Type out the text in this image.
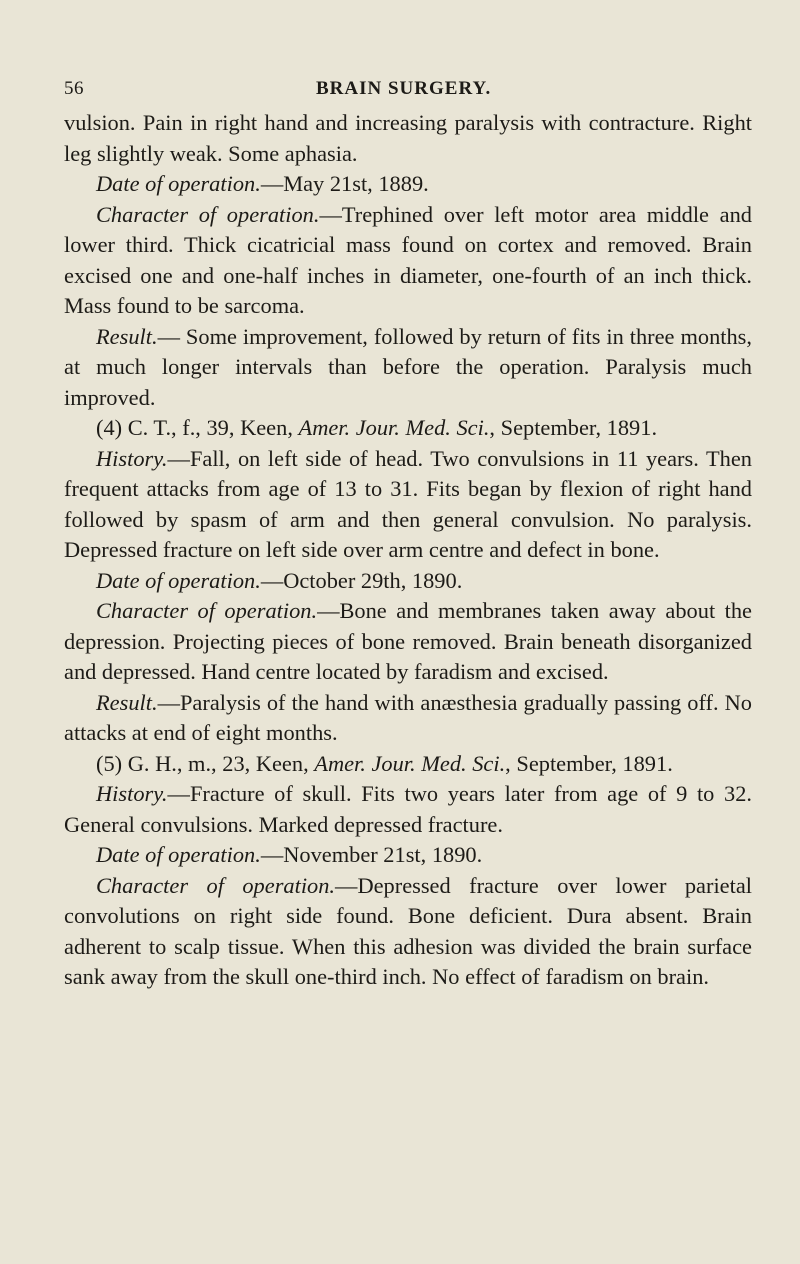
56	BRAIN SURGERY.

vulsion. Pain in right hand and increasing paralysis with contracture. Right leg slightly weak. Some aphasia.

Date of operation.—May 21st, 1889.

Character of operation.—Trephined over left motor area middle and lower third. Thick cicatricial mass found on cortex and removed. Brain excised one and one-half inches in diameter, one-fourth of an inch thick. Mass found to be sarcoma.

Result.— Some improvement, followed by return of fits in three months, at much longer intervals than before the operation. Paralysis much improved.

(4) C. T., f., 39, Keen, Amer. Jour. Med. Sci., September, 1891.

History.—Fall, on left side of head. Two convulsions in 11 years. Then frequent attacks from age of 13 to 31. Fits began by flexion of right hand followed by spasm of arm and then general convulsion. No paralysis. Depressed fracture on left side over arm centre and defect in bone.

Date of operation.—October 29th, 1890.

Character of operation.—Bone and membranes taken away about the depression. Projecting pieces of bone removed. Brain beneath disorganized and depressed. Hand centre located by faradism and excised.

Result.—Paralysis of the hand with anæsthesia gradually passing off. No attacks at end of eight months.

(5) G. H., m., 23, Keen, Amer. Jour. Med. Sci., September, 1891.

History.—Fracture of skull. Fits two years later from age of 9 to 32. General convulsions. Marked depressed fracture.

Date of operation.—November 21st, 1890.

Character of operation.—Depressed fracture over lower parietal convolutions on right side found. Bone deficient. Dura absent. Brain adherent to scalp tissue. When this adhesion was divided the brain surface sank away from the skull one-third inch. No effect of faradism on brain.
